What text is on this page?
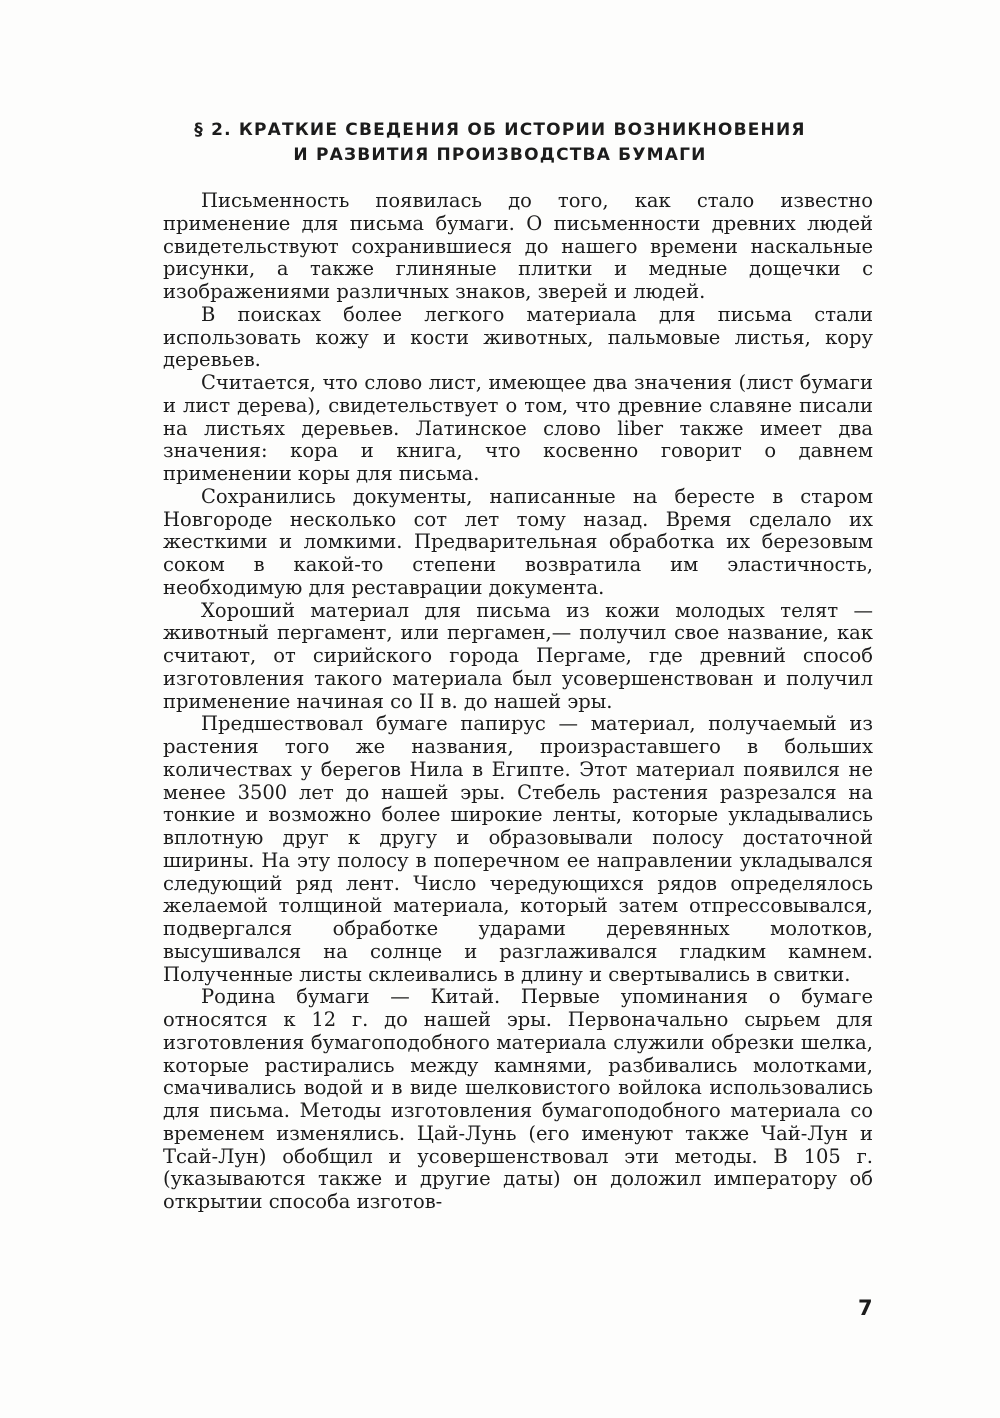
§ 2. КРАТКИЕ СВЕДЕНИЯ ОБ ИСТОРИИ ВОЗНИКНОВЕНИЯ
И РАЗВИТИЯ ПРОИЗВОДСТВА БУМАГИ

Письменность появилась до того, как стало известно применение для письма бумаги. О письменности древних людей свидетельствуют сохранившиеся до нашего времени наскальные рисунки, а также глиняные плитки и медные дощечки с изображениями различных знаков, зверей и людей.

В поисках более легкого материала для письма стали использовать кожу и кости животных, пальмовые листья, кору деревьев.

Считается, что слово лист, имеющее два значения (лист бумаги и лист дерева), свидетельствует о том, что древние славяне писали на листьях деревьев. Латинское слово liber также имеет два значения: кора и книга, что косвенно говорит о давнем применении коры для письма.

Сохранились документы, написанные на бересте в старом Новгороде несколько сот лет тому назад. Время сделало их жесткими и ломкими. Предварительная обработка их березовым соком в какой-то степени возвратила им эластичность, необходимую для реставрации документа.

Хороший материал для письма из кожи молодых телят — животный пергамент, или пергамен,— получил свое название, как считают, от сирийского города Пергаме, где древний способ изготовления такого материала был усовершенствован и получил применение начиная со II в. до нашей эры.

Предшествовал бумаге папирус — материал, получаемый из растения того же названия, произраставшего в больших количествах у берегов Нила в Египте. Этот материал появился не менее 3500 лет до нашей эры. Стебель растения разрезался на тонкие и возможно более широкие ленты, которые укладывались вплотную друг к другу и образовывали полосу достаточной ширины. На эту полосу в поперечном ее направлении укладывался следующий ряд лент. Число чередующихся рядов определялось желаемой толщиной материала, который затем отпрессовывался, подвергался обработке ударами деревянных молотков, высушивался на солнце и разглаживался гладким камнем. Полученные листы склеивались в длину и свертывались в свитки.

Родина бумаги — Китай. Первые упоминания о бумаге относятся к 12 г. до нашей эры. Первоначально сырьем для изготовления бумагоподобного материала служили обрезки шелка, которые растирались между камнями, разбивались молотками, смачивались водой и в виде шелковистого войлока использовались для письма. Методы изготовления бумагоподобного материала со временем изменялись. Цай-Лунь (его именуют также Чай-Лун и Тсай-Лун) обобщил и усовершенствовал эти методы. В 105 г. (указываются также и другие даты) он доложил императору об открытии способа изготов-

7
